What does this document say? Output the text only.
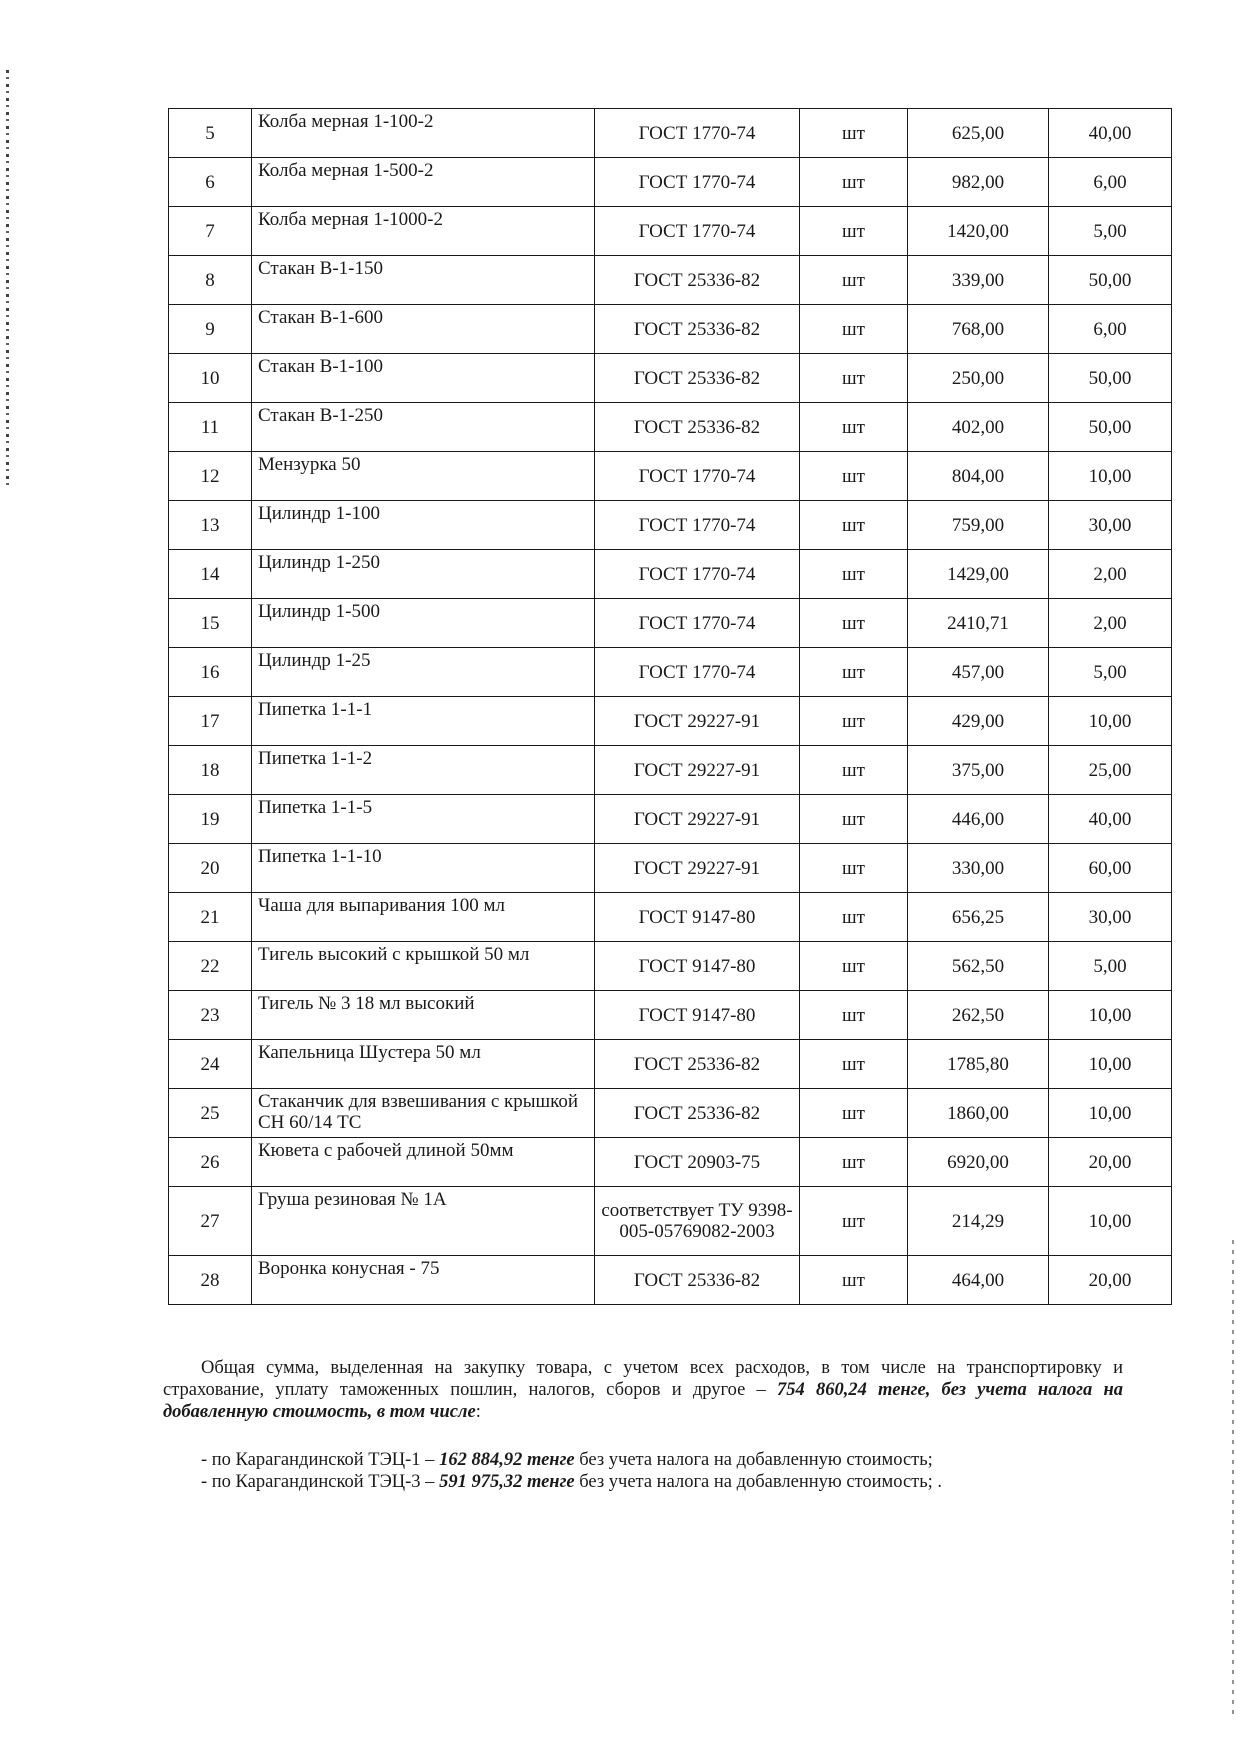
5	Колба мерная 1-100-2	ГОСТ 1770-74	шт	625,00	40,00
6	Колба мерная 1-500-2	ГОСТ 1770-74	шт	982,00	6,00
7	Колба мерная 1-1000-2	ГОСТ 1770-74	шт	1420,00	5,00
8	Стакан В-1-150	ГОСТ 25336-82	шт	339,00	50,00
9	Стакан В-1-600	ГОСТ 25336-82	шт	768,00	6,00
10	Стакан В-1-100	ГОСТ 25336-82	шт	250,00	50,00
11	Стакан В-1-250	ГОСТ 25336-82	шт	402,00	50,00
12	Мензурка 50	ГОСТ 1770-74	шт	804,00	10,00
13	Цилиндр 1-100	ГОСТ 1770-74	шт	759,00	30,00
14	Цилиндр 1-250	ГОСТ 1770-74	шт	1429,00	2,00
15	Цилиндр 1-500	ГОСТ 1770-74	шт	2410,71	2,00
16	Цилиндр 1-25	ГОСТ 1770-74	шт	457,00	5,00
17	Пипетка 1-1-1	ГОСТ 29227-91	шт	429,00	10,00
18	Пипетка 1-1-2	ГОСТ 29227-91	шт	375,00	25,00
19	Пипетка 1-1-5	ГОСТ 29227-91	шт	446,00	40,00
20	Пипетка 1-1-10	ГОСТ 29227-91	шт	330,00	60,00
21	Чаша для выпаривания 100 мл	ГОСТ 9147-80	шт	656,25	30,00
22	Тигель высокий с крышкой 50 мл	ГОСТ 9147-80	шт	562,50	5,00
23	Тигель № 3 18 мл высокий	ГОСТ 9147-80	шт	262,50	10,00
24	Капельница Шустера 50 мл	ГОСТ 25336-82	шт	1785,80	10,00
25	Стаканчик для взвешивания с крышкой СН 60/14 ТС	ГОСТ 25336-82	шт	1860,00	10,00
26	Кювета с рабочей длиной 50мм	ГОСТ 20903-75	шт	6920,00	20,00
27	Груша резиновая № 1А	соответствует ТУ 9398-005-05769082-2003	шт	214,29	10,00
28	Воронка конусная - 75	ГОСТ 25336-82	шт	464,00	20,00

Общая сумма, выделенная на закупку товара, с учетом всех расходов, в том числе на транспортировку и страхование, уплату таможенных пошлин, налогов, сборов и другое – 754 860,24 тенге, без учета налога на добавленную стоимость, в том числе:

- по Карагандинской ТЭЦ-1 – 162 884,92 тенге без учета налога на добавленную стоимость;
- по Карагандинской ТЭЦ-3 – 591 975,32 тенге без учета налога на добавленную стоимость; .
